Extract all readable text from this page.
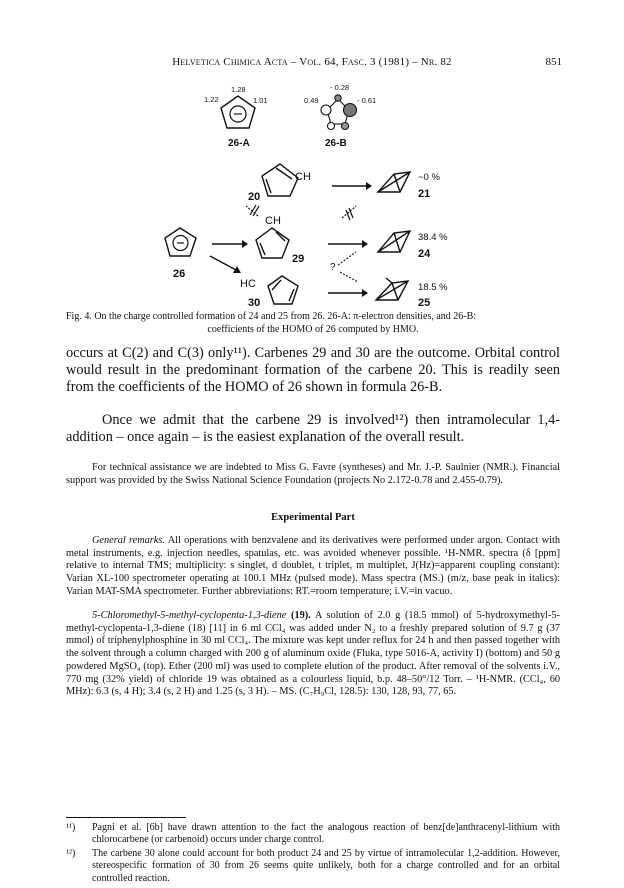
Helvetica Chimica Acta – Vol. 64, Fasc. 3 (1981) – Nr. 82	851
1.28
1.22	1.01
26-A
- 0.28
0.49	- 0.61
26-B
CH
20
~0 %
21
26
CH
29
38.4 %
24
?
HC
30
18.5 %
25
Fig. 4. On the charge controlled formation of 24 and 25 from 26. 26-A: π-electron densities, and 26-B:
coefficients of the HOMO of 26 computed by HMO.
occurs at C(2) and C(3) only¹¹). Carbenes 29 and 30 are the outcome. Orbital control would result in the predominant formation of the carbene 20. This is readily seen from the coefficients of the HOMO of 26 shown in formula 26-B.
Once we admit that the carbene 29 is involved¹²) then intramolecular 1,4-addition – once again – is the easiest explanation of the overall result.
For technical assistance we are indebted to Miss G. Favre (syntheses) and Mr. J.-P. Saulnier (NMR.). Financial support was provided by the Swiss National Science Foundation (projects No 2.172-0.78 and 2.455-0.79).
Experimental Part
General remarks. All operations with benzvalene and its derivatives were performed under argon. Contact with metal instruments, e.g. injection needles, spatulas, etc. was avoided whenever possible. ¹H-NMR. spectra (δ [ppm] relative to internal TMS; multiplicity: s singlet, d doublet, t triplet, m multiplet, J(Hz)=apparent coupling constant): Varian XL-100 spectrometer operating at 100.1 MHz (pulsed mode). Mass spectra (MS.) (m/z, base peak in italics): Varian MAT-SMA spectrometer. Further abbreviations: RT.=room temperature; i.V.=in vacuo.
5-Chloromethyl-5-methyl-cyclopenta-1,3-diene (19). A solution of 2.0 g (18.5 mmol) of 5-hydroxymethyl-5-methyl-cyclopenta-1,3-diene (18) [11] in 6 ml CCl₄ was added under N₂ to a freshly prepared solution of 9.7 g (37 mmol) of triphenylphosphine in 30 ml CCl₄. The mixture was kept under reflux for 24 h and then passed together with the solvent through a column charged with 200 g of aluminum oxide (Fluka, type 5016-A, activity I) (bottom) and 50 g powdered MgSO₄ (top). Ether (200 ml) was used to complete elution of the product. After removal of the solvents i.V., 770 mg (32% yield) of chloride 19 was obtained as a colourless liquid, b.p. 48–50°/12 Torr. – ¹H-NMR. (CCl₄, 60 MHz): 6.3 (s, 4 H); 3.4 (s, 2 H) and 1.25 (s, 3 H). – MS. (C₇H₉Cl, 128.5): 130, 128, 93, 77, 65.
¹¹) Pagni et al. [6b] have drawn attention to the fact the analogous reaction of benz[de]anthracenyl-lithium with chlorocarbene (or carbenoid) occurs under charge control.
¹²) The carbene 30 alone could account for both product 24 and 25 by virtue of intramolecular 1,2-addition. However, stereospecific formation of 30 from 26 seems quite unlikely, both for a charge controlled and for an orbital controlled reaction.
